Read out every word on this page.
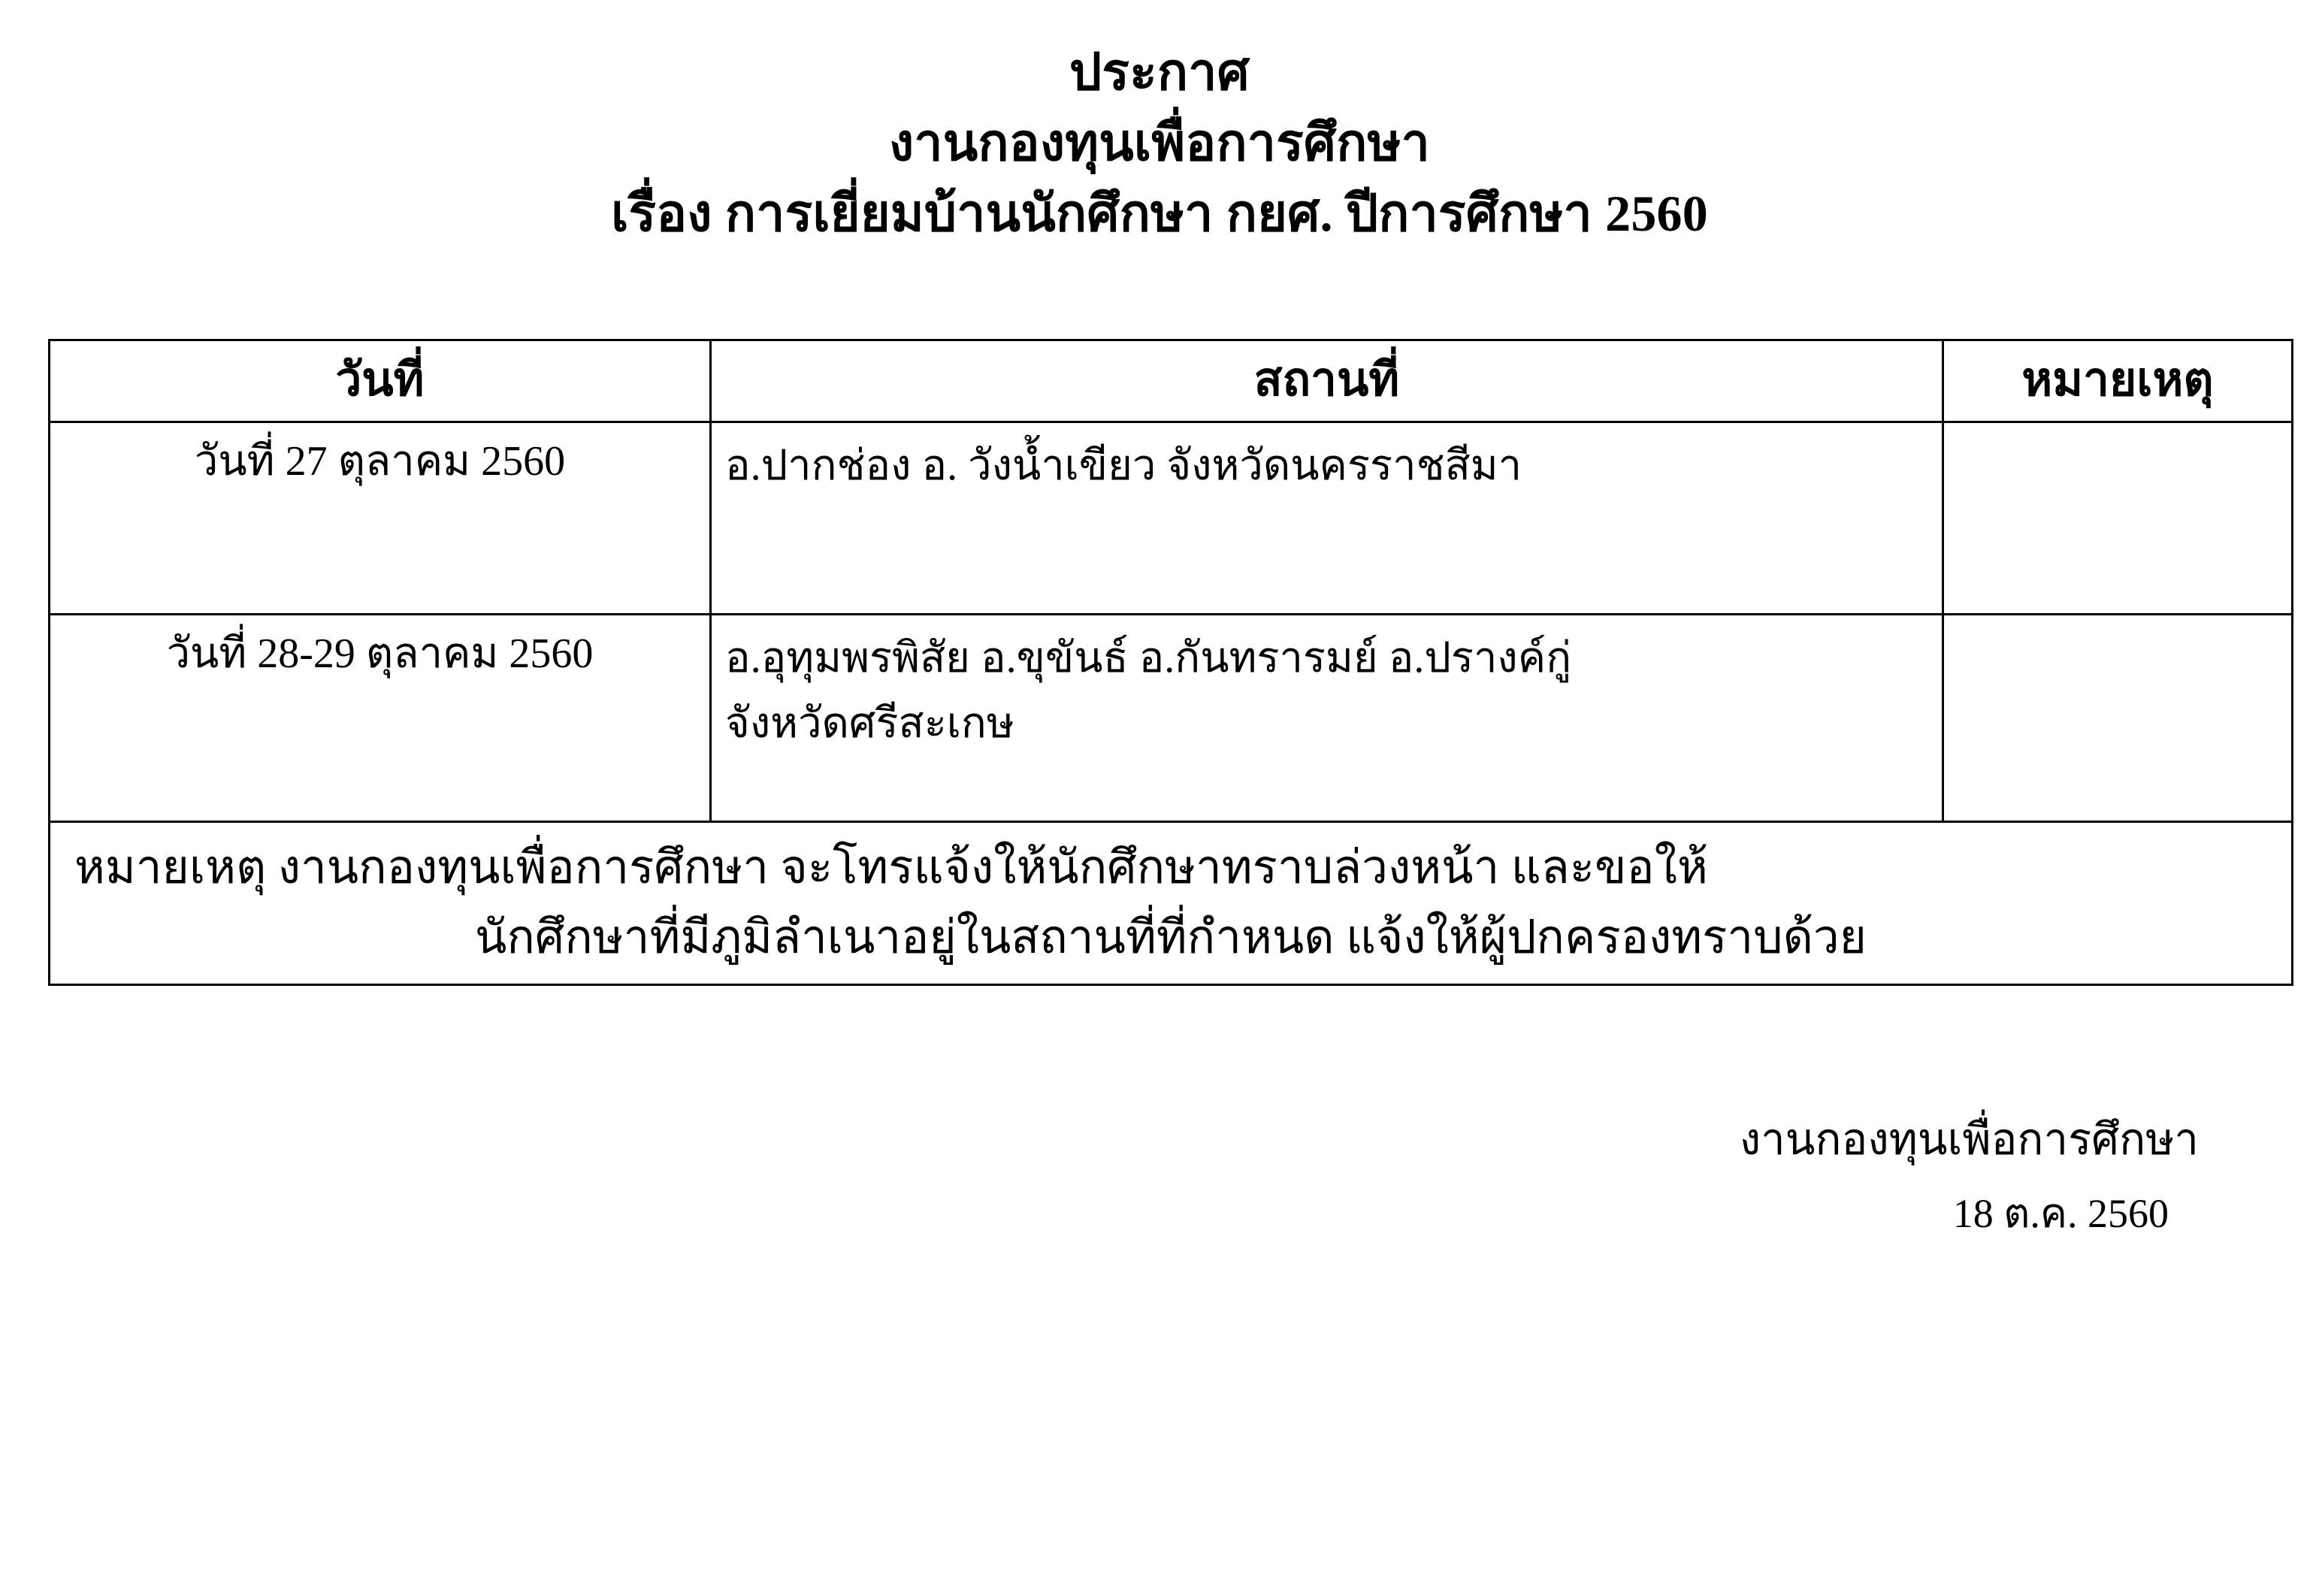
ประกาศ
งานกองทุนเพื่อการศึกษา
เรื่อง การเยี่ยมบ้านนักศึกษา กยศ. ปีการศึกษา 2560
วันที่	สถานที่	หมายเหตุ
วันที่ 27 ตุลาคม 2560	อ.ปากช่อง อ. วังน้ำเขียว จังหวัดนครราชสีมา	

วันที่ 28-29 ตุลาคม 2560	อ.อุทุมพรพิสัย อ.ขุขันธ์ อ.กันทรารมย์ อ.ปรางค์กู่
จังหวัดศรีสะเกษ	

หมายเหตุ งานกองทุนเพื่อการศึกษา จะโทรแจ้งให้นักศึกษาทราบล่วงหน้า และขอให้
นักศึกษาที่มีภูมิลำเนาอยู่ในสถานที่ที่กำหนด แจ้งให้ผู้ปกครองทราบด้วย		
งานกองทุนเพื่อการศึกษา
18 ต.ค. 2560
